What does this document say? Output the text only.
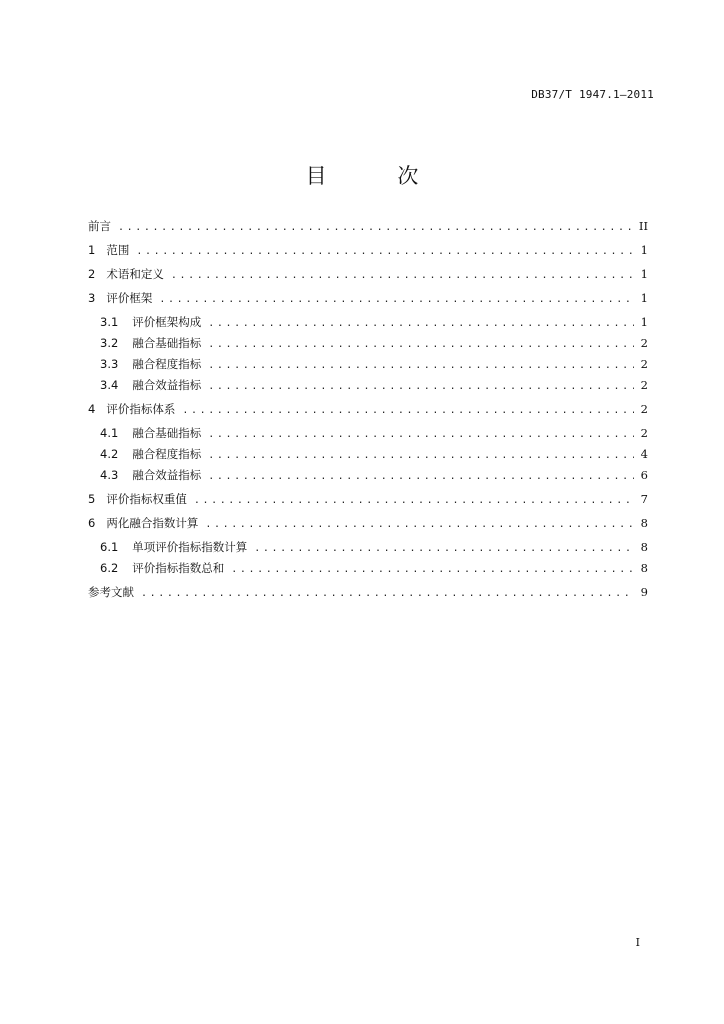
DB37/T 1947.1—2011
目 次
前言 .....	II
1 范围 .....	1
2 术语和定义 .....	1
3 评价框架 .....	1
3.1 评价框架构成 .....	1
3.2 融合基础指标 .....	2
3.3 融合程度指标 .....	2
3.4 融合效益指标 .....	2
4 评价指标体系 .....	2
4.1 融合基础指标 .....	2
4.2 融合程度指标 .....	4
4.3 融合效益指标 .....	6
5 评价指标权重值 .....	7
6 两化融合指数计算 .....	8
6.1 单项评价指标指数计算 .....	8
6.2 评价指标指数总和 .....	8
参考文献 .....	9
I
